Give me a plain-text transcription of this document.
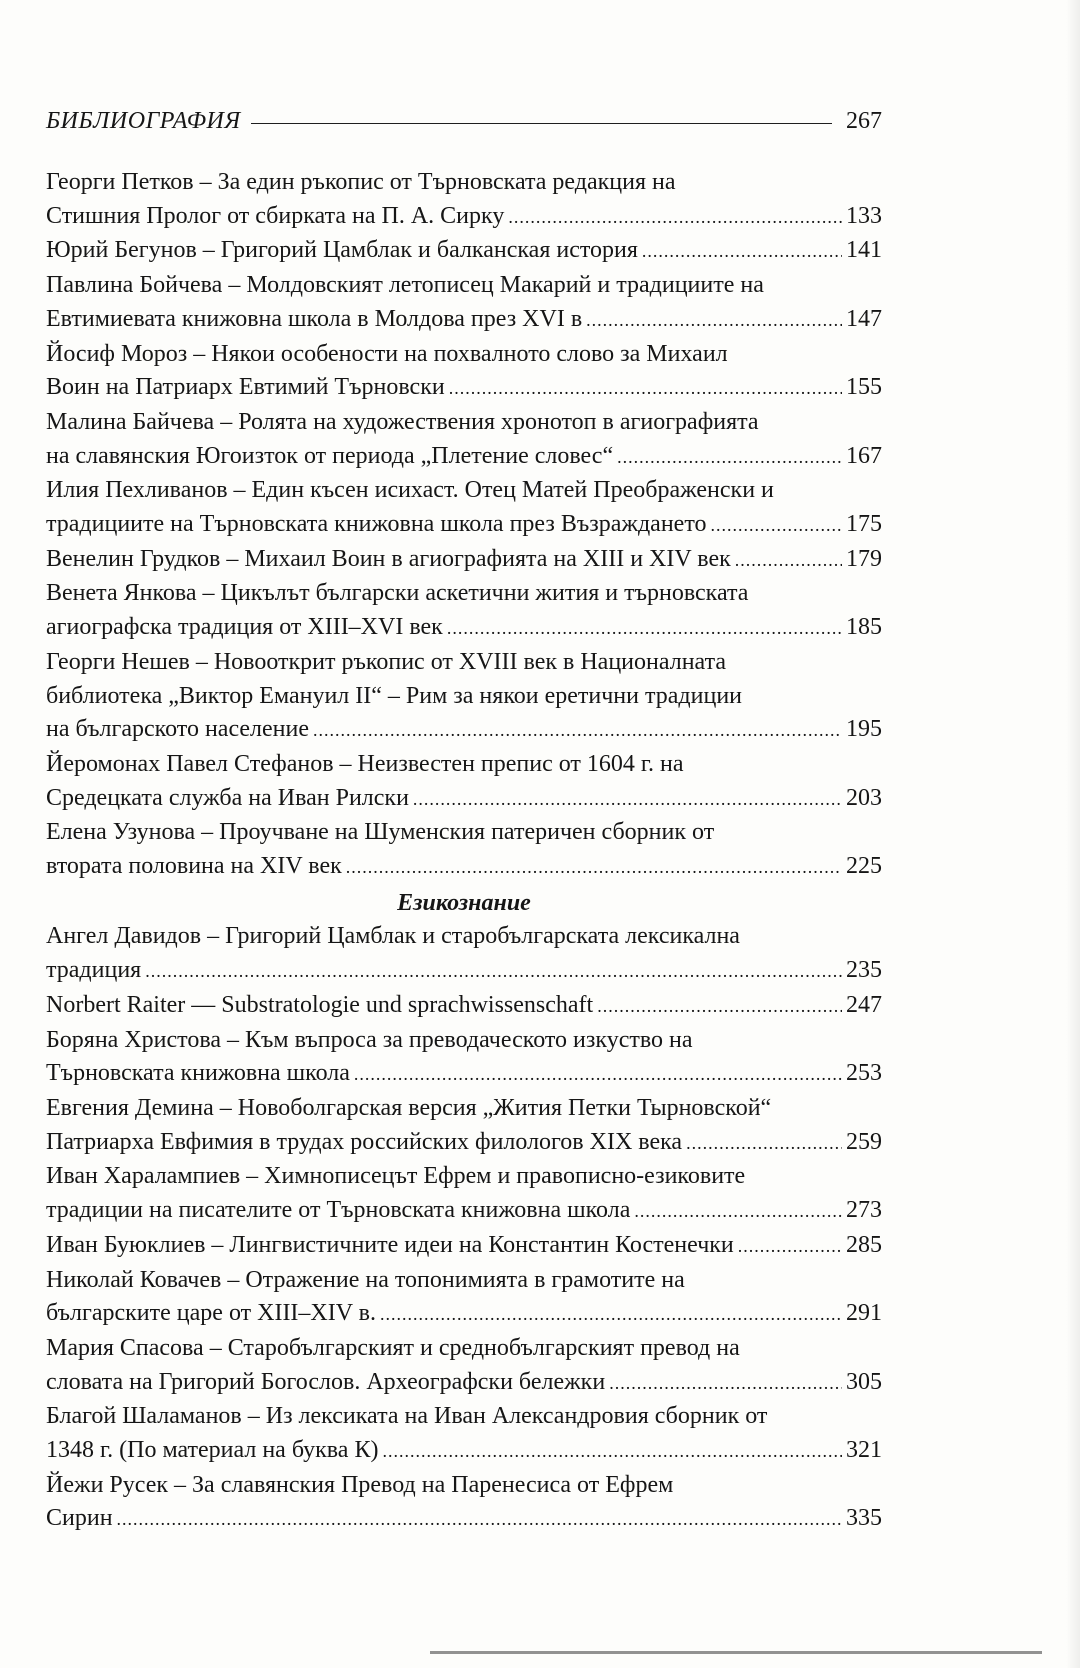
БИБЛИОГРАФИЯ	267
Георги Петков – За един ръкопис от Търновската редакция на
Стишния Пролог от сбирката на П. А. Сирку .....	133
Юрий Бегунов – Григорий Цамблак и балканская история .....	141
Павлина Бойчева – Молдовският летописец Макарий и традициите на
Евтимиевата книжовна школа в Молдова през XVI в .....	147
Йосиф Мороз – Някои особености на похвалното слово за Михаил
Воин на Патриарх Евтимий Търновски .....	155
Малина Байчева – Ролята на художествения хронотоп в агиографията
на славянския Югоизток от периода „Плетение словес“ .....	167
Илия Пехливанов – Един късен исихаст. Отец Матей Преображенски и
традициите на Търновската книжовна школа през Възраждането .....	175
Венелин Грудков – Михаил Воин в агиографията на XIII и XIV век .....	179
Венета Янкова – Цикълът български аскетични жития и търновската
агиографска традиция от XIII–XVI век .....	185
Георги Нешев – Новооткрит ръкопис от XVIII век в Националната
библиотека „Виктор Емануил II“ – Рим за някои еретични традиции
на българското население .....	195
Йеромонах Павел Стефанов – Неизвестен препис от 1604 г. на
Средецката служба на Иван Рилски .....	203
Елена Узунова – Проучване на Шуменския патеричен сборник от
втората половина на XIV век .....	225
Езикознание
Ангел Давидов – Григорий Цамблак и старобългарската лексикална
традиция .....	235
Norbert Raiter — Substratologie und sprachwissenschaft .....	247
Боряна Христова – Към въпроса за преводаческото изкуство на
Търновската книжовна школа .....	253
Евгения Демина – Новоболгарская версия „Жития Петки Тырновской“
Патриарха Евфимия в трудах российских филологов XIX века .....	259
Иван Харалампиев – Химнописецът Ефрем и правописно-езиковите
традиции на писателите от Търновската книжовна школа .....	273
Иван Буюклиев – Лингвистичните идеи на Константин Костенечки .....	285
Николай Ковачев – Отражение на топонимията в грамотите на
българските царе от XIII–XIV в. .....	291
Мария Спасова – Старобългарският и среднобългарският превод на
словата на Григорий Богослов. Археографски бележки .....	305
Благой Шаламанов – Из лексиката на Иван Александровия сборник от
1348 г. (По материал на буква К) .....	321
Йежи Русек – За славянския Превод на Паренесиса от Ефрем
Сирин .....	335
